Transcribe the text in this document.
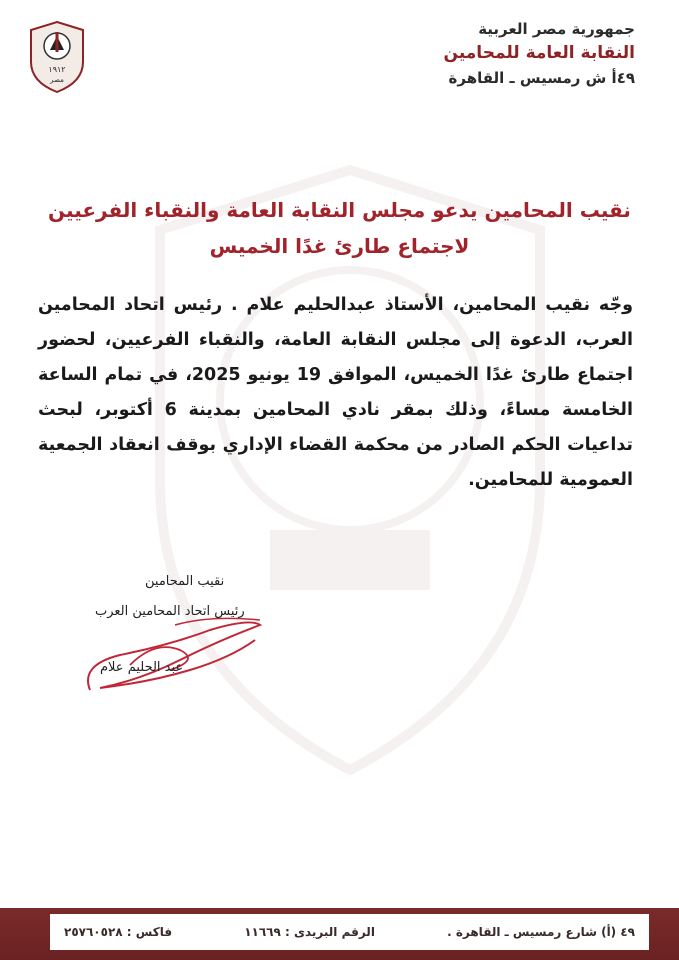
١٩١٢
مصر
جمهورية مصر العربية
النقابة العامة للمحامين
٤٩أ ش رمسيس ـ القاهرة
نقيب المحامين يدعو مجلس النقابة العامة والنقباء الفرعيين
لاجتماع طارئ غدًا الخميس
وجّه نقيب المحامين، الأستاذ عبدالحليم علام . رئيس اتحاد المحامين العرب، الدعوة إلى مجلس النقابة العامة، والنقباء الفرعيين، لحضور اجتماع طارئ غدًا الخميس، الموافق 19 يونيو 2025، في تمام الساعة الخامسة مساءً، وذلك بمقر نادي المحامين بمدينة 6 أكتوبر، لبحث تداعيات الحكم الصادر من محكمة القضاء الإداري بوقف انعقاد الجمعية العمومية للمحامين.
نقيب المحامين
رئيس اتحاد المحامين العرب
عبد الحليم علام
٤٩ (أ) شارع رمسيس ـ القاهرة .
الرقم البريدى : ١١٦٦٩
فاكس : ٢٥٧٦٠٥٢٨
